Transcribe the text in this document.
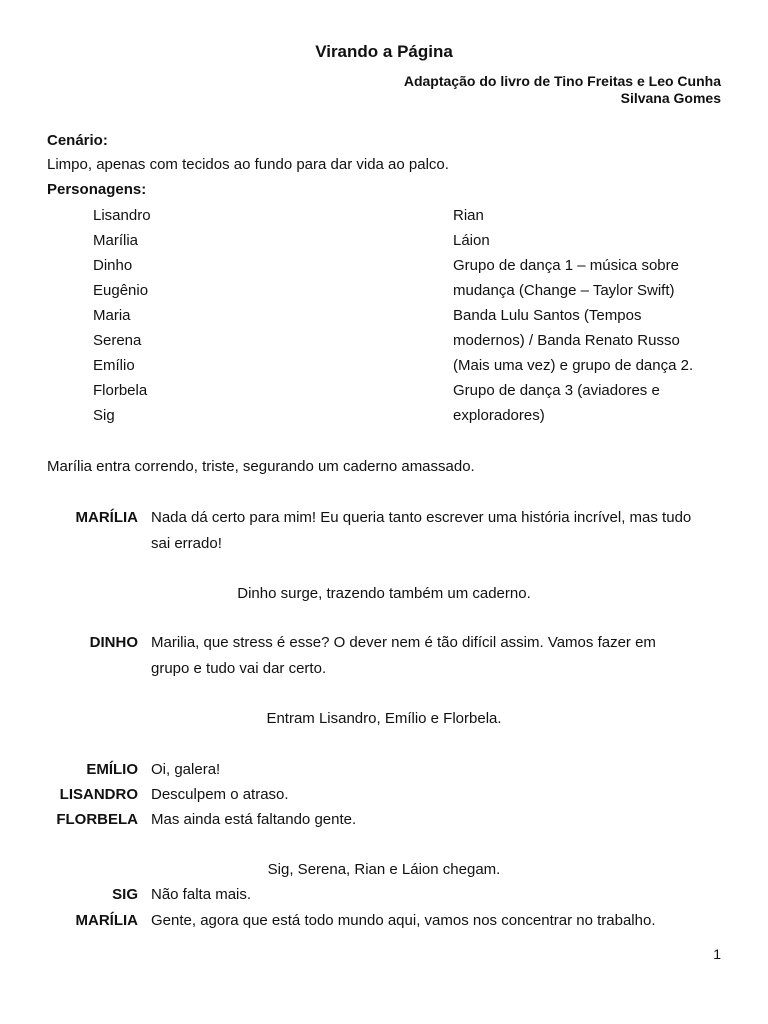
Virando a Página
Adaptação do livro de Tino Freitas e Leo Cunha
Silvana Gomes
Cenário:
Limpo, apenas com tecidos ao fundo para dar vida ao palco.
Personagens:
Lisandro
Marília
Dinho
Eugênio
Maria
Serena
Emílio
Florbela
Sig
Rian
Láion
Grupo de dança 1 – música sobre
mudança (Change – Taylor Swift)
Banda Lulu Santos (Tempos
modernos) / Banda Renato Russo
(Mais uma vez) e grupo de dança 2.
Grupo de dança 3 (aviadores e
exploradores)
Marília entra correndo, triste, segurando um caderno amassado.
MARÍLIA Nada dá certo para mim! Eu queria tanto escrever uma história incrível, mas tudo
sai errado!
Dinho surge, trazendo também um caderno.
DINHO Marilia, que stress é esse? O dever nem é tão difícil assim. Vamos fazer em
grupo e tudo vai dar certo.
Entram Lisandro, Emílio e Florbela.
EMÍLIO Oi, galera!
LISANDRO Desculpem o atraso.
FLORBELA Mas ainda está faltando gente.
Sig, Serena, Rian e Láion chegam.
SIG Não falta mais.
MARÍLIA Gente, agora que está todo mundo aqui, vamos nos concentrar no trabalho.
1
